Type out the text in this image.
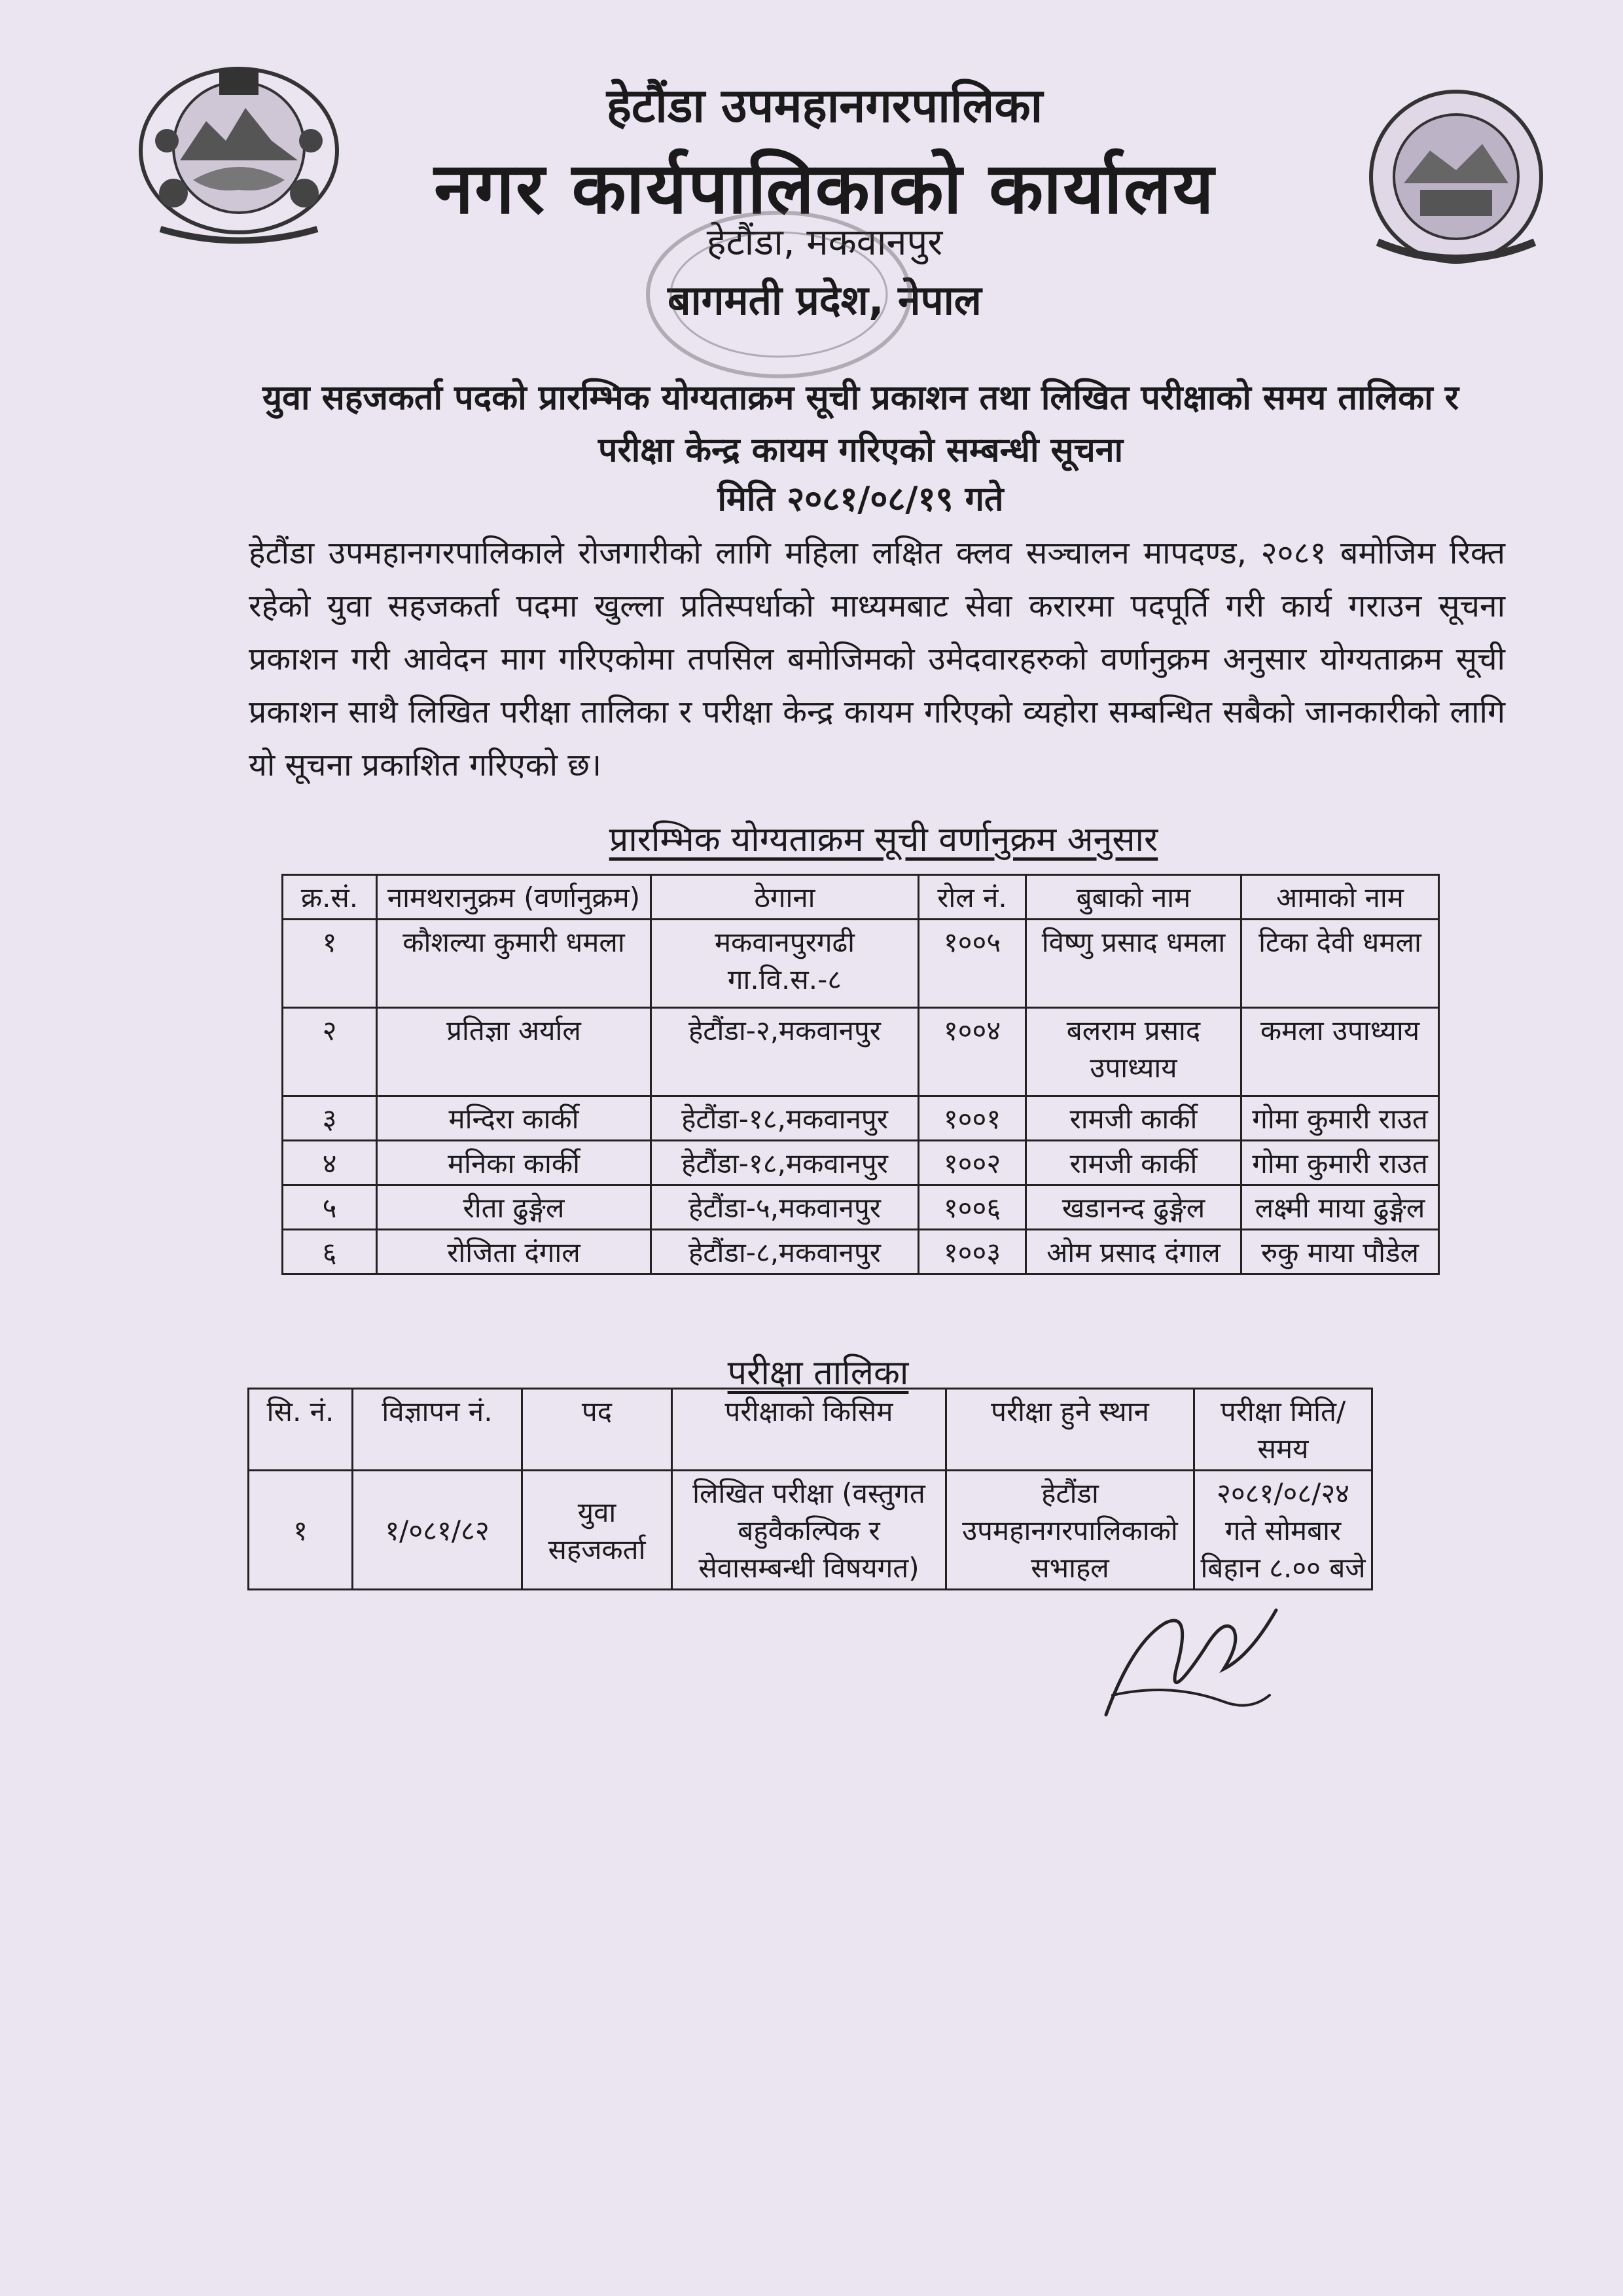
हेटौंडा उपमहानगरपालिका
नगर कार्यपालिकाको कार्यालय
हेटौंडा, मकवानपुर
बागमती प्रदेश, नेपाल
युवा सहजकर्ता पदको प्रारम्भिक योग्यताक्रम सूची प्रकाशन तथा लिखित परीक्षाको समय तालिका र
परीक्षा केन्द्र कायम गरिएको सम्बन्धी सूचना
मिति २०८१/०८/१९ गते
हेटौंडा उपमहानगरपालिकाले रोजगारीको लागि महिला लक्षित क्लव सञ्चालन मापदण्ड, २०८१ बमोजिम रिक्त रहेको युवा सहजकर्ता पदमा खुल्ला प्रतिस्पर्धाको माध्यमबाट सेवा करारमा पदपूर्ति गरी कार्य गराउन सूचना प्रकाशन गरी आवेदन माग गरिएकोमा तपसिल बमोजिमको उमेदवारहरुको वर्णानुक्रम अनुसार योग्यताक्रम सूची प्रकाशन साथै लिखित परीक्षा तालिका र परीक्षा केन्द्र कायम गरिएको व्यहोरा सम्बन्धित सबैको जानकारीको लागि यो सूचना प्रकाशित गरिएको छ।
प्रारम्भिक योग्यताक्रम सूची वर्णानुक्रम अनुसार
क्र.सं.	नामथरानुक्रम (वर्णानुक्रम)	ठेगाना	रोल नं.	बुबाको नाम	आमाको नाम
१	कौशल्या कुमारी धमला	मकवानपुरगढी गा.वि.स.-८	१००५	विष्णु प्रसाद धमला	टिका देवी धमला
२	प्रतिज्ञा अर्याल	हेटौंडा-२,मकवानपुर	१००४	बलराम प्रसाद उपाध्याय	कमला उपाध्याय
३	मन्दिरा कार्की	हेटौंडा-१८,मकवानपुर	१००१	रामजी कार्की	गोमा कुमारी राउत
४	मनिका कार्की	हेटौंडा-१८,मकवानपुर	१००२	रामजी कार्की	गोमा कुमारी राउत
५	रीता ढुङ्गेल	हेटौंडा-५,मकवानपुर	१००६	खडानन्द ढुङ्गेल	लक्ष्मी माया ढुङ्गेल
६	रोजिता दंगाल	हेटौंडा-८,मकवानपुर	१००३	ओम प्रसाद दंगाल	रुकु माया पौडेल
परीक्षा तालिका
सि. नं.	विज्ञापन नं.	पद	परीक्षाको किसिम	परीक्षा हुने स्थान	परीक्षा मिति/समय
१	१/०८१/८२	युवा सहजकर्ता	लिखित परीक्षा (वस्तुगत बहुवैकल्पिक र सेवासम्बन्धी विषयगत)	हेटौंडा उपमहानगरपालिकाको सभाहल	२०८१/०८/२४ गते सोमबार बिहान ८.०० बजे
